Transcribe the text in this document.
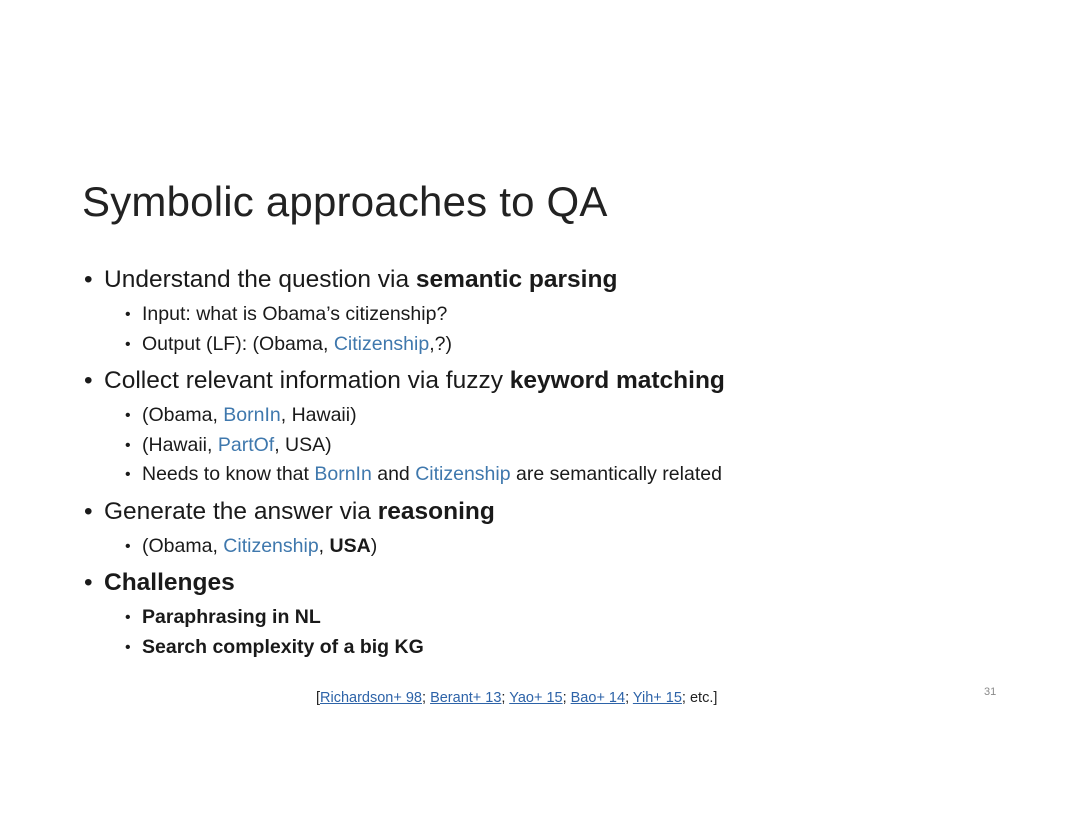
Symbolic approaches to QA
• Understand the question via semantic parsing
• Input: what is Obama’s citizenship?
• Output (LF): (Obama, Citizenship,?)
• Collect relevant information via fuzzy keyword matching
• (Obama, BornIn, Hawaii)
• (Hawaii, PartOf, USA)
• Needs to know that BornIn and Citizenship are semantically related
• Generate the answer via reasoning
• (Obama, Citizenship, USA)
• Challenges
• Paraphrasing in NL
• Search complexity of a big KG
[Richardson+ 98; Berant+ 13; Yao+ 15; Bao+ 14; Yih+ 15; etc.]	31
